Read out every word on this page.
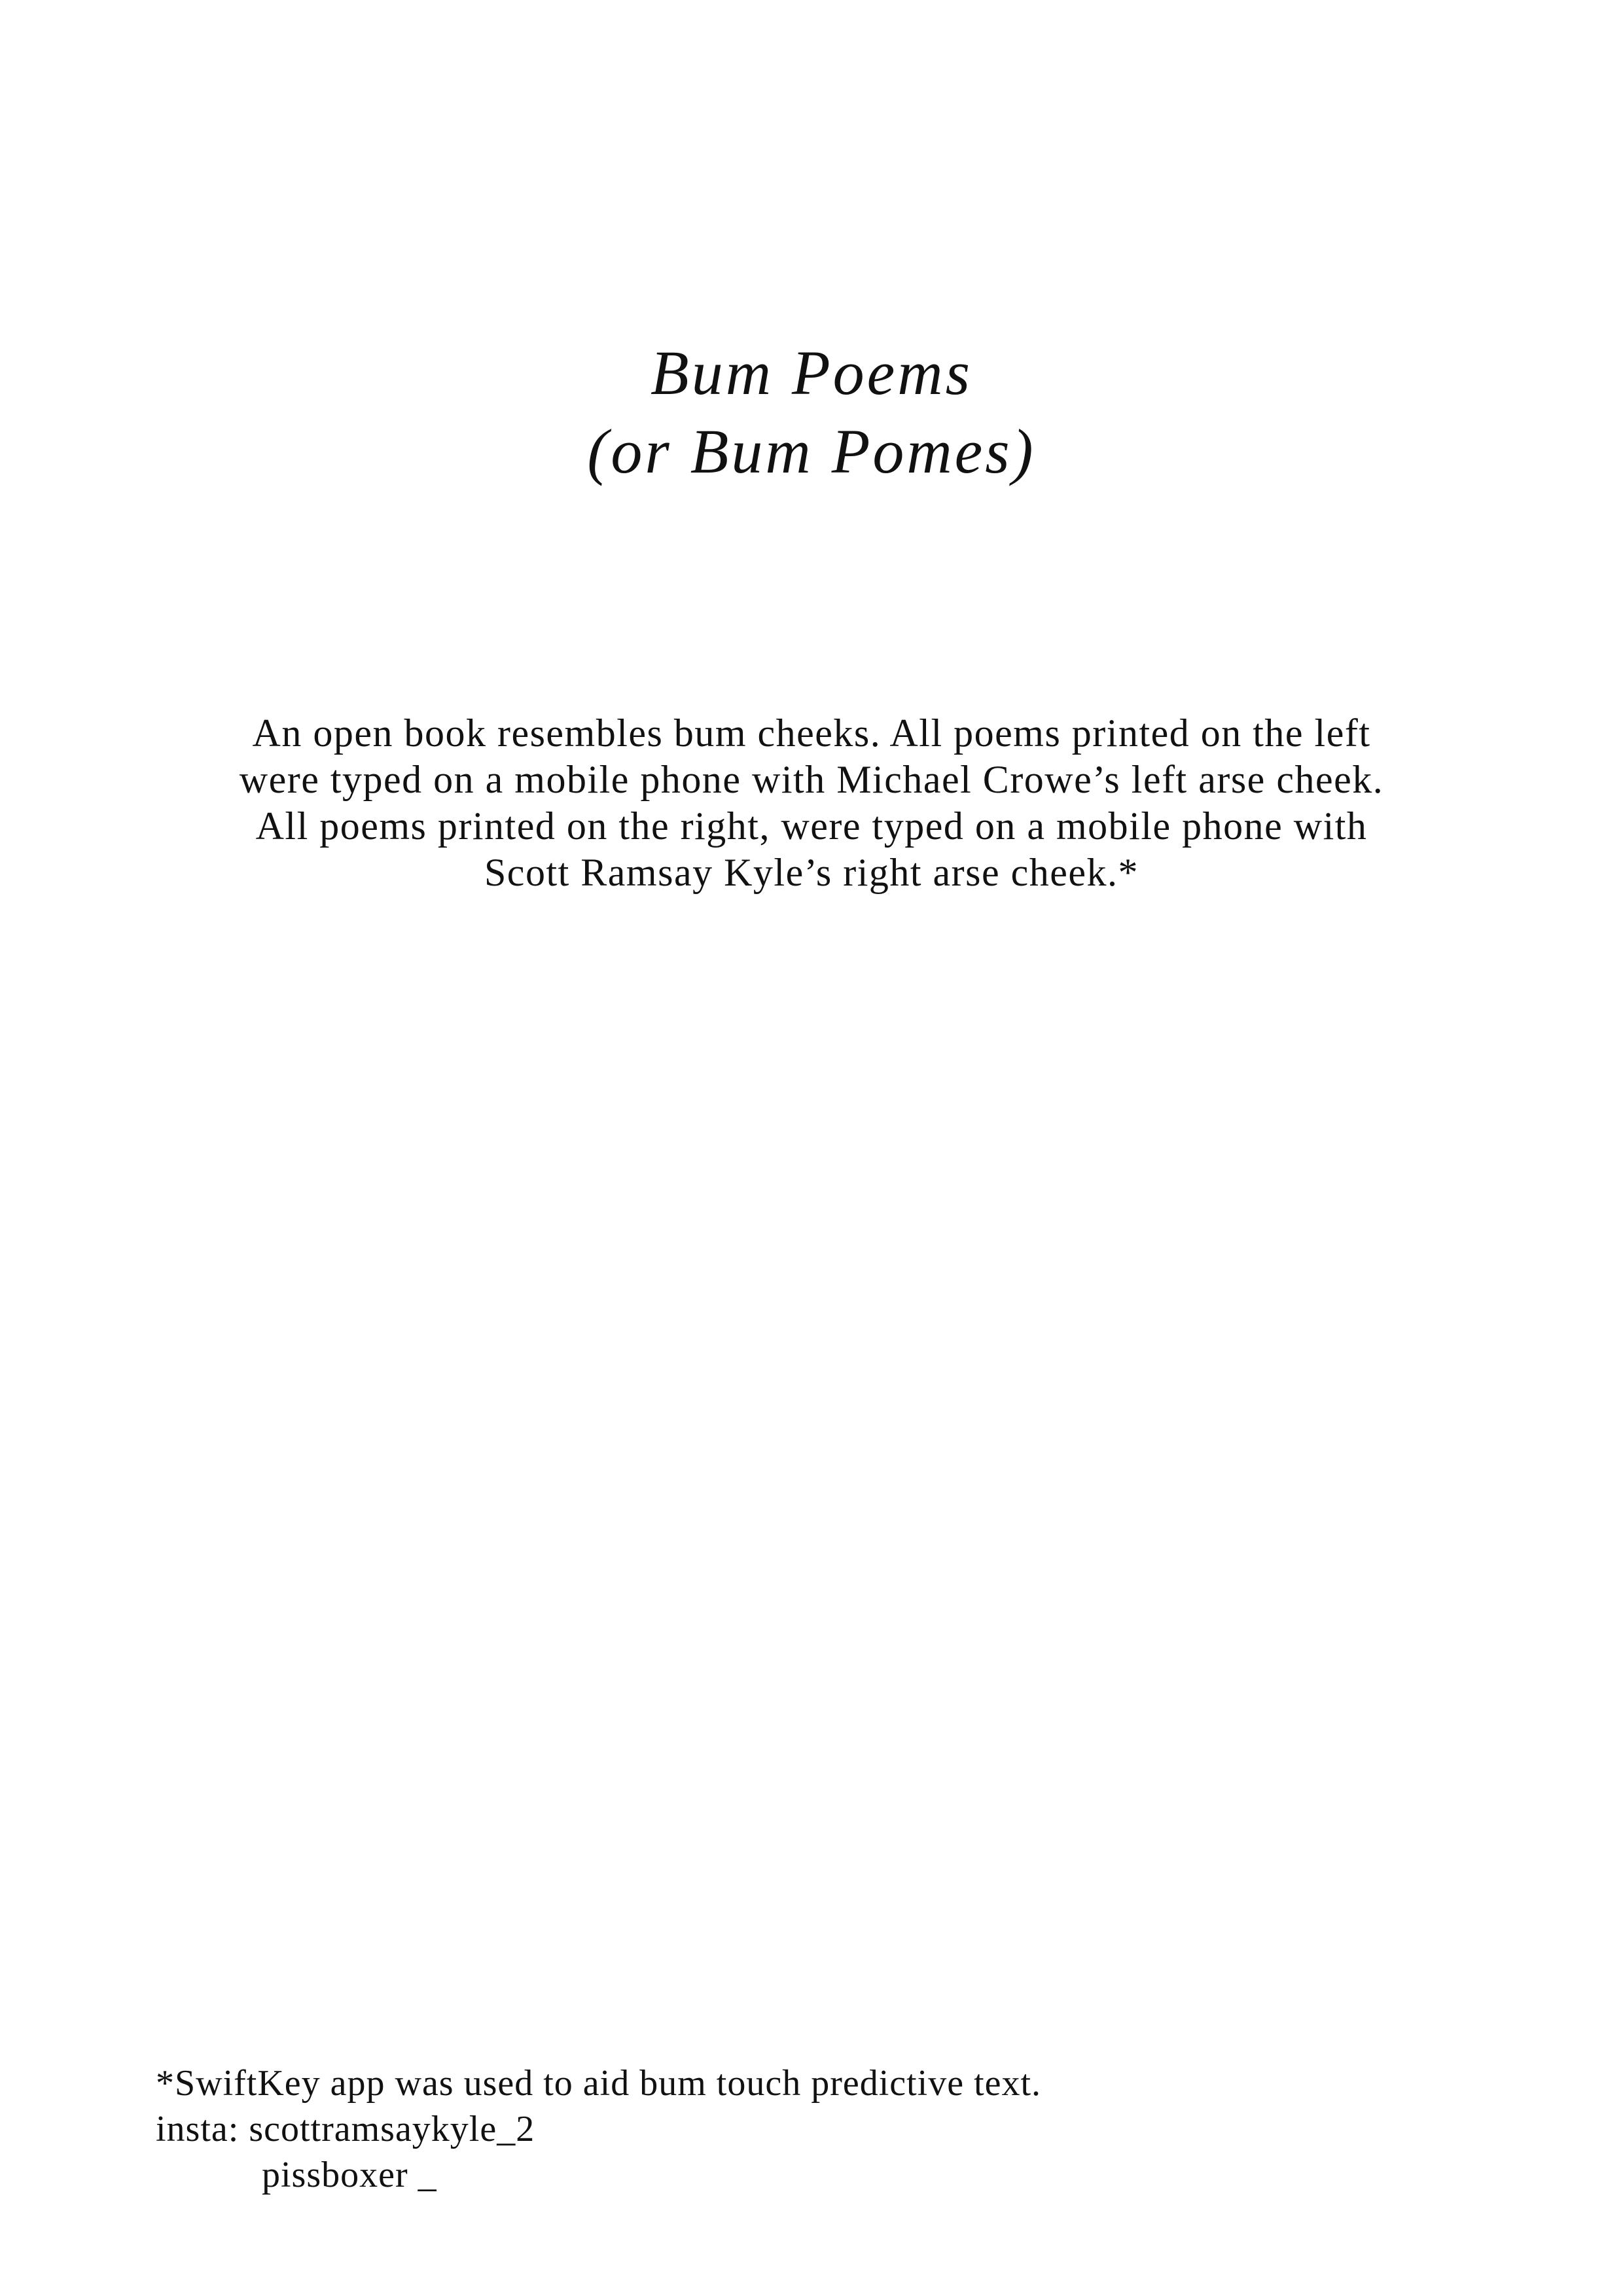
Bum Poems
(or Bum Pomes)
An open book resembles bum cheeks. All poems printed on the left
were typed on a mobile phone with Michael Crowe’s left arse cheek.
All poems printed on the right, were typed on a mobile phone with
Scott Ramsay Kyle’s right arse cheek.*
*SwiftKey app was used to aid bum touch predictive text.
insta: scottramsaykyle_2
pissboxer _
